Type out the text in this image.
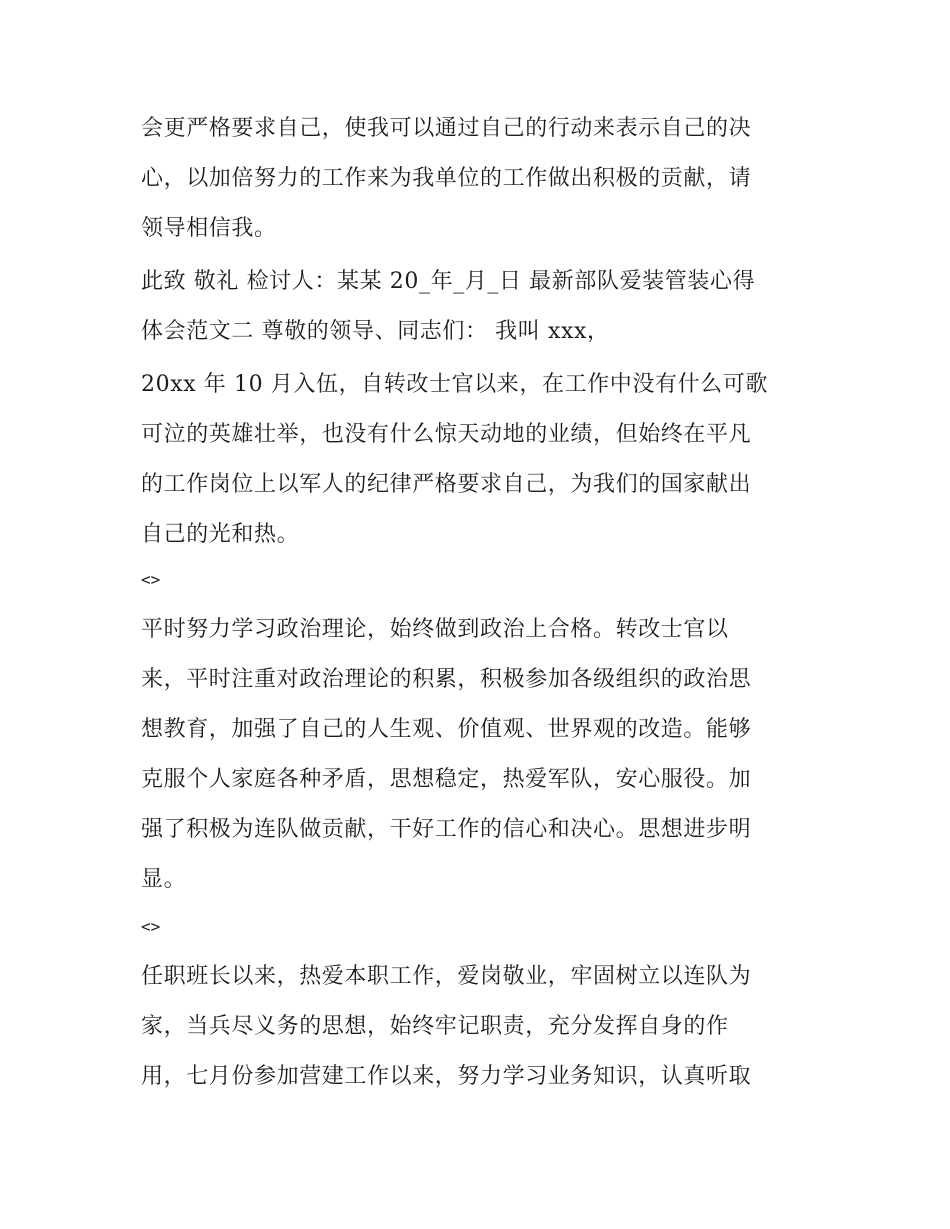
会更严格要求自己，使我可以通过自己的行动来表示自己的决
心，以加倍努力的工作来为我单位的工作做出积极的贡献，请
领导相信我。
此致 敬礼 检讨人：某某 20_年_月_日 最新部队爱装管装心得
体会范文二 尊敬的领导、同志们： 我叫 xxx，
20xx 年 10 月入伍，自转改士官以来，在工作中没有什么可歌
可泣的英雄壮举，也没有什么惊天动地的业绩，但始终在平凡
的工作岗位上以军人的纪律严格要求自己，为我们的国家献出
自己的光和热。
<>
平时努力学习政治理论，始终做到政治上合格。转改士官以
来，平时注重对政治理论的积累，积极参加各级组织的政治思
想教育，加强了自己的人生观、价值观、世界观的改造。能够
克服个人家庭各种矛盾，思想稳定，热爱军队，安心服役。加
强了积极为连队做贡献，干好工作的信心和决心。思想进步明
显。
<>
任职班长以来，热爱本职工作，爱岗敬业，牢固树立以连队为
家，当兵尽义务的思想，始终牢记职责，充分发挥自身的作
用，七月份参加营建工作以来，努力学习业务知识，认真听取
